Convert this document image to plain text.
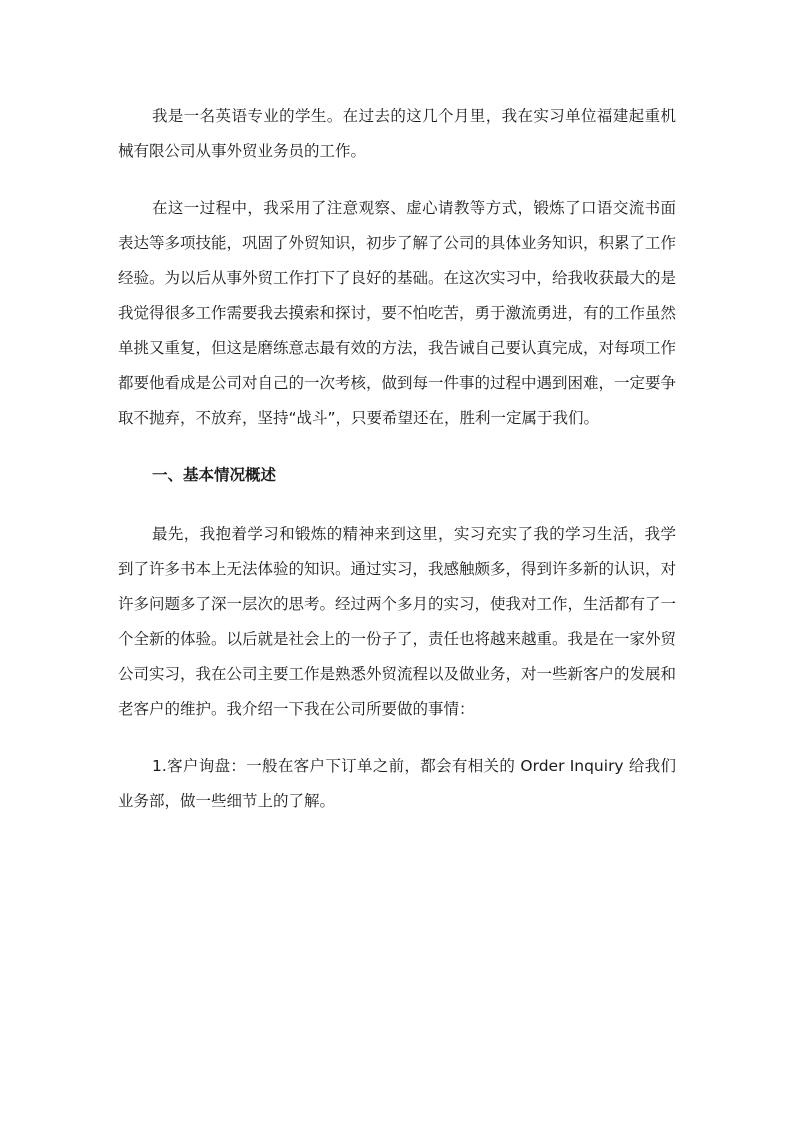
我是一名英语专业的学生。在过去的这几个月里，我在实习单位福建起重机械有限公司从事外贸业务员的工作。

在这一过程中，我采用了注意观察、虚心请教等方式，锻炼了口语交流书面表达等多项技能，巩固了外贸知识，初步了解了公司的具体业务知识，积累了工作经验。为以后从事外贸工作打下了良好的基础。在这次实习中，给我收获最大的是我觉得很多工作需要我去摸索和探讨，要不怕吃苦，勇于激流勇进，有的工作虽然单挑又重复，但这是磨练意志最有效的方法，我告诫自己要认真完成，对每项工作都要他看成是公司对自己的一次考核，做到每一件事的过程中遇到困难，一定要争取不抛弃，不放弃，坚持“战斗”，只要希望还在，胜利一定属于我们。

一、基本情况概述

最先，我抱着学习和锻炼的精神来到这里，实习充实了我的学习生活，我学到了许多书本上无法体验的知识。通过实习，我感触颇多，得到许多新的认识，对许多问题多了深一层次的思考。经过两个多月的实习，使我对工作，生活都有了一个全新的体验。以后就是社会上的一份子了，责任也将越来越重。我是在一家外贸公司实习，我在公司主要工作是熟悉外贸流程以及做业务，对一些新客户的发展和老客户的维护。我介绍一下我在公司所要做的事情：

1.客户询盘：一般在客户下订单之前，都会有相关的 Order Inquiry 给我们业务部，做一些细节上的了解。
